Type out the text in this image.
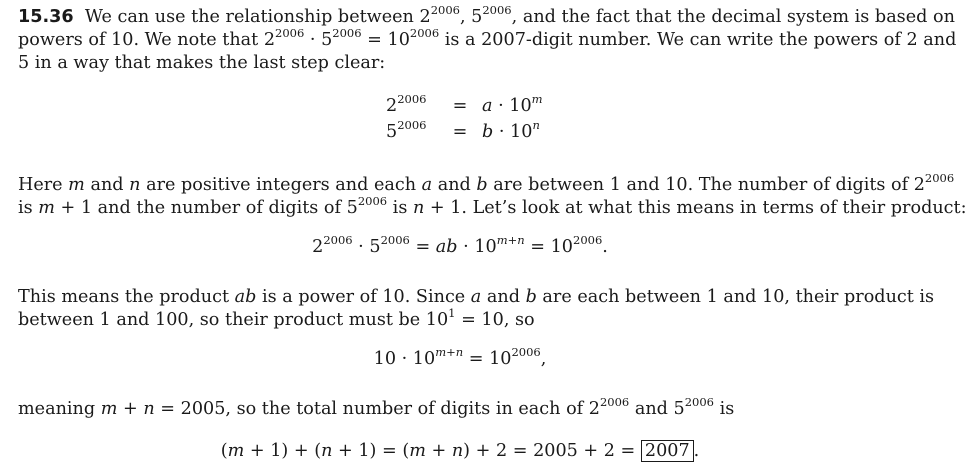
15.36 We can use the relationship between $2^{2006}$, $5^{2006}$, and the fact that the decimal system is based on
powers of 10. We note that $2^{2006} \cdot 5^{2006} = 10^{2006}$ is a 2007-digit number. We can write the powers of 2 and
5 in a way that makes the last step clear:
$2^{2006}$	= $a \cdot 10^m$
$5^{2006}$	= $b \cdot 10^n$
Here m and n are positive integers and each a and b are between 1 and 10. The number of digits of $2^{2006}$
is m + 1 and the number of digits of $5^{2006}$ is n + 1. Let’s look at what this means in terms of their product:
$2^{2006} \cdot 5^{2006}$ = ab · $10^{m+n} = 10^{2006}$.
This means the product ab is a power of 10. Since a and b are each between 1 and 10, their product is
between 1 and 100, so their product must be $10^1 = 10$, so
$10 \cdot 10^{m+n} = 10^{2006}$,
meaning m + n = 2005, so the total number of digits in each of $2^{2006}$ and $5^{2006}$ is
(m + 1) + (n + 1) = (m + n) + 2 = 2005 + 2 = 2007 .
